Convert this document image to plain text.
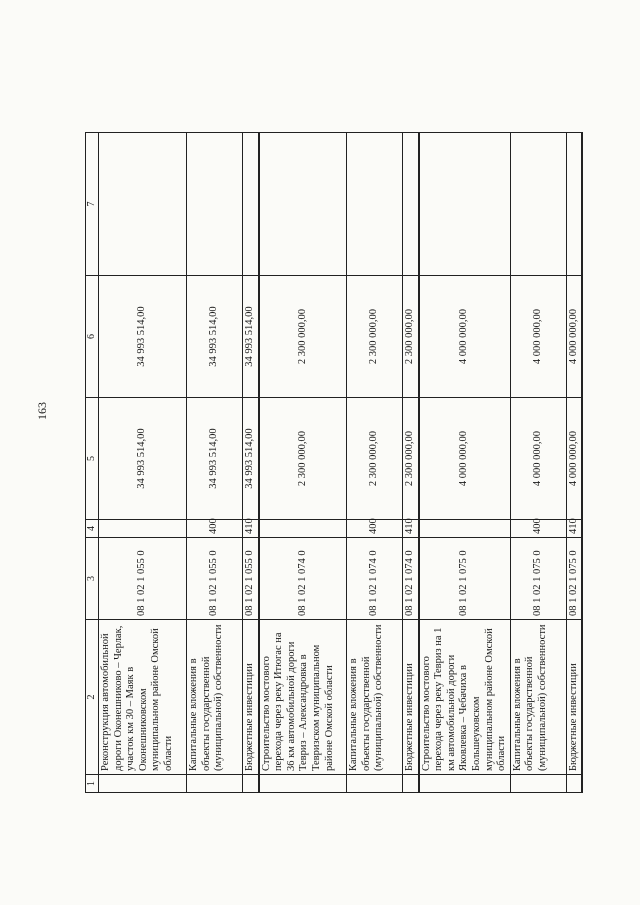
163
1	2	3	4	5	6	7
	Реконструкция автомобильной дороги Оконешниково – Черлак, участок км 30 – Маяк в Оконешниковском муниципальном районе Омской области	08 1 02 1 055 0		34 993 514,00	34 993 514,00	
	Капитальные вложения в объекты государственной (муниципальной) собственности	08 1 02 1 055 0	400	34 993 514,00	34 993 514,00	
	Бюджетные инвестиции	08 1 02 1 055 0	410	34 993 514,00	34 993 514,00	
	Строительство мостового перехода через реку Итюгас на 36 км автомобильной дороги Тевриз – Александровка в Тевризском муниципальном районе Омской области	08 1 02 1 074 0		2 300 000,00	2 300 000,00	
	Капитальные вложения в объекты государственной (муниципальной) собственности	08 1 02 1 074 0	400	2 300 000,00	2 300 000,00	
	Бюджетные инвестиции	08 1 02 1 074 0	410	2 300 000,00	2 300 000,00	
	Строительство мостового перехода через реку Тевриз на 1 км автомобильной дороги Яковлевка – Чебачиха в Большеуковском муниципальном районе Омской области	08 1 02 1 075 0		4 000 000,00	4 000 000,00	
	Капитальные вложения в объекты государственной (муниципальной) собственности	08 1 02 1 075 0	400	4 000 000,00	4 000 000,00	
	Бюджетные инвестиции	08 1 02 1 075 0	410	4 000 000,00	4 000 000,00	
